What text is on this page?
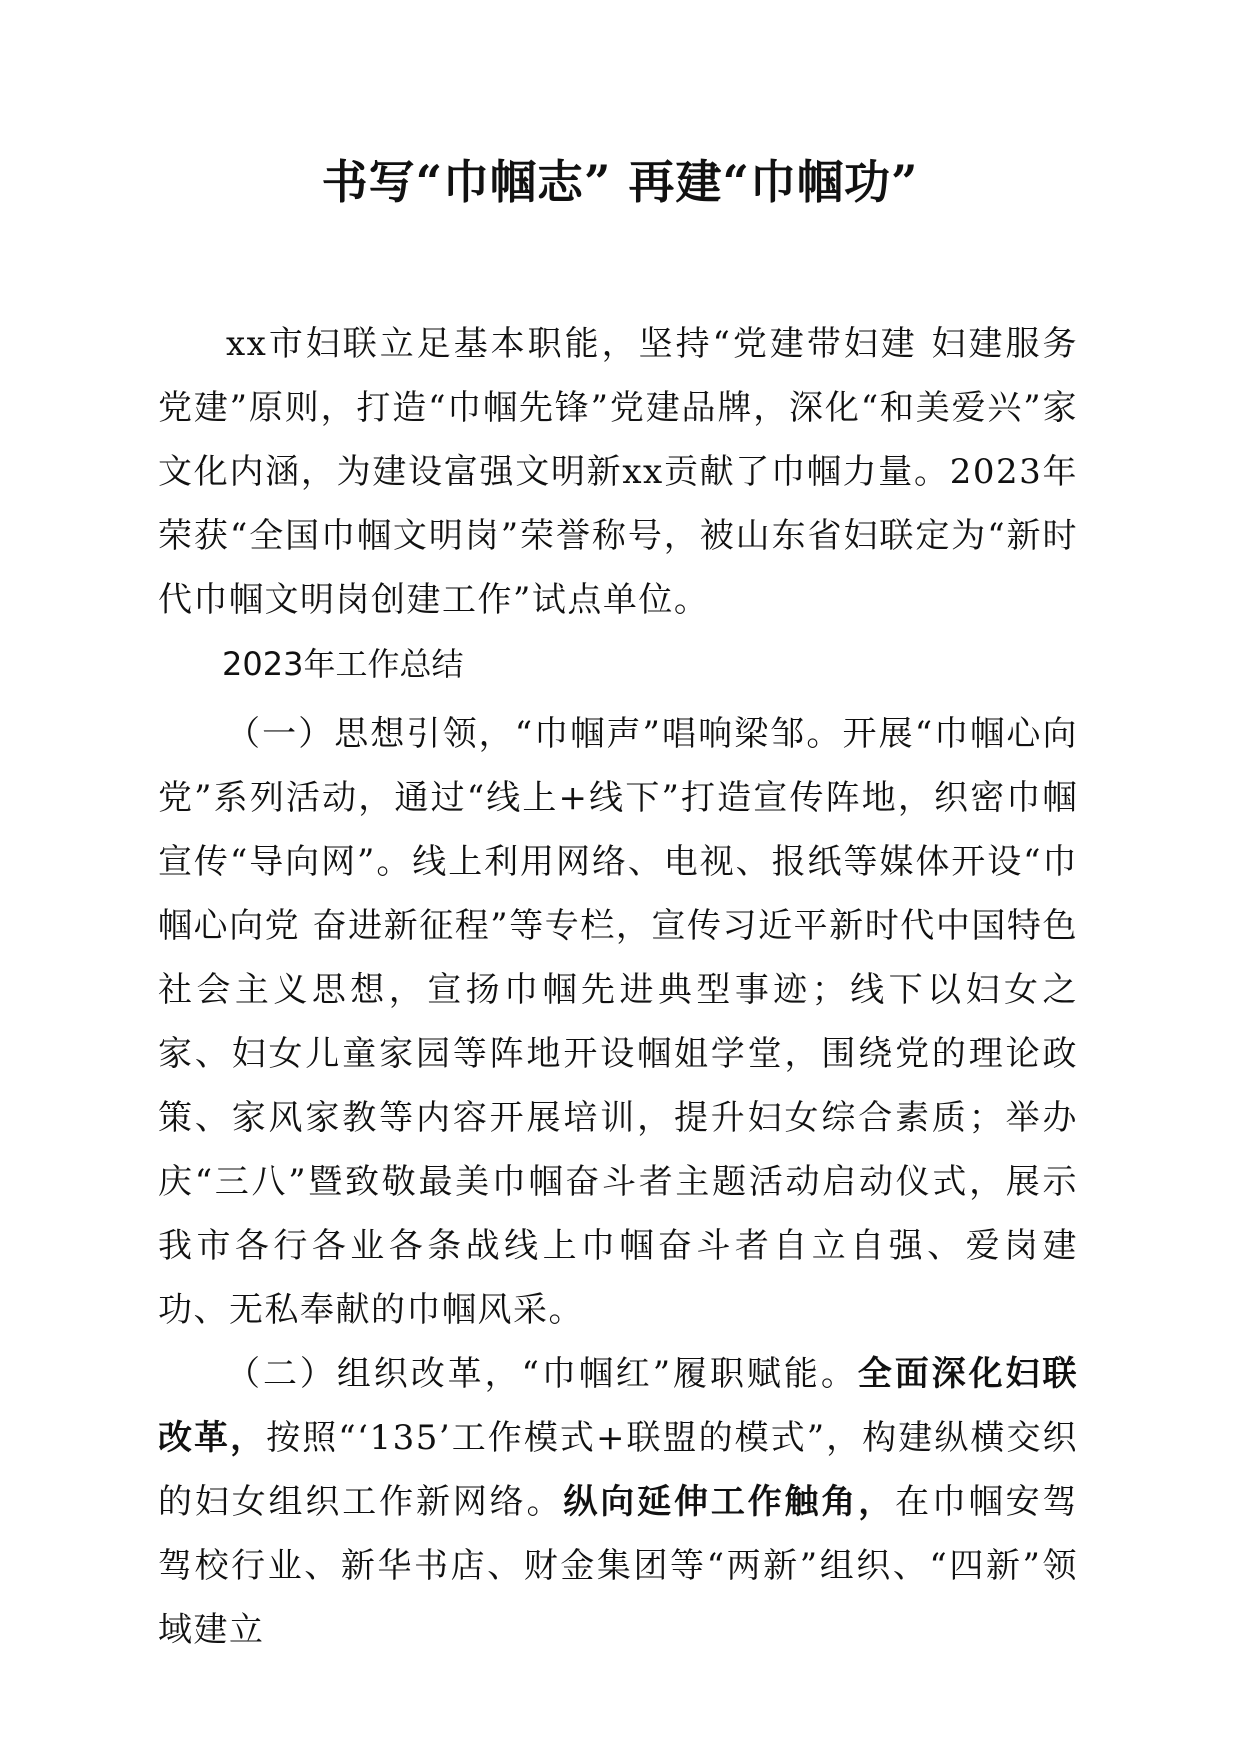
书写“巾帼志” 再建“巾帼功”

xx市妇联立足基本职能，坚持“党建带妇建 妇建服务党建”原则，打造“巾帼先锋”党建品牌，深化“和美爱兴”家文化内涵，为建设富强文明新xx贡献了巾帼力量。2023年荣获“全国巾帼文明岗”荣誉称号，被山东省妇联定为“新时代巾帼文明岗创建工作”试点单位。

2023年工作总结

（一）思想引领，“巾帼声”唱响梁邹。开展“巾帼心向党”系列活动，通过“线上+线下”打造宣传阵地，织密巾帼宣传“导向网”。线上利用网络、电视、报纸等媒体开设“巾帼心向党 奋进新征程”等专栏，宣传习近平新时代中国特色社会主义思想，宣扬巾帼先进典型事迹；线下以妇女之家、妇女儿童家园等阵地开设帼姐学堂，围绕党的理论政策、家风家教等内容开展培训，提升妇女综合素质；举办庆“三八”暨致敬最美巾帼奋斗者主题活动启动仪式，展示我市各行各业各条战线上巾帼奋斗者自立自强、爱岗建功、无私奉献的巾帼风采。

（二）组织改革，“巾帼红”履职赋能。全面深化妇联改革，按照“‘135’工作模式+联盟的模式”，构建纵横交织的妇女组织工作新网络。纵向延伸工作触角，在巾帼安驾驾校行业、新华书店、财金集团等“两新”组织、“四新”领域建立
